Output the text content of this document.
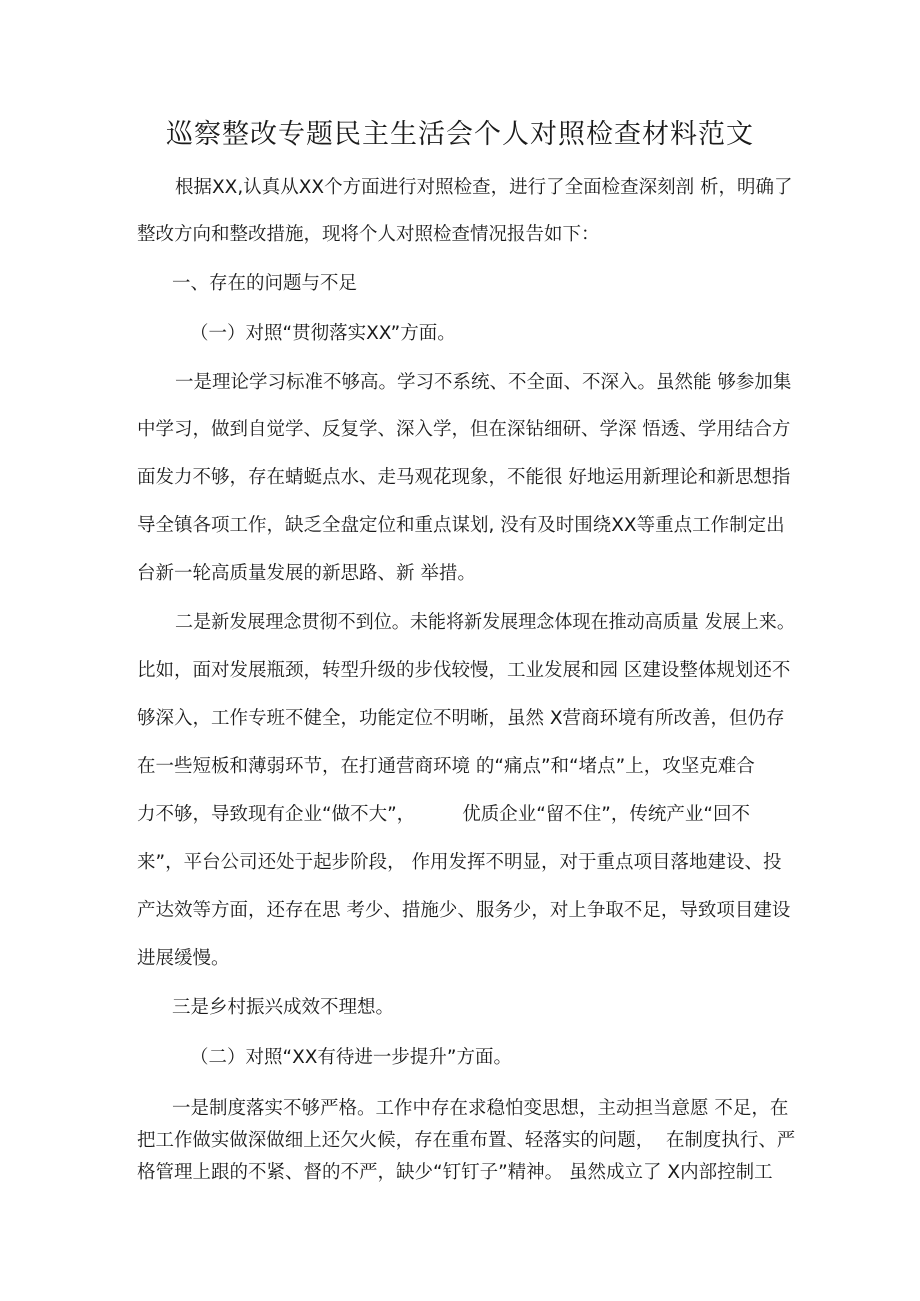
巡察整改专题民主生活会个人对照检查材料范文
根据XX,认真从XX个方面进行对照检查，进行了全面检查深刻剖 析，明确了
整改方向和整改措施，现将个人对照检查情况报告如下：
一、存在的问题与不足
（一）对照“贯彻落实XX”方面。
一是理论学习标准不够高。学习不系统、不全面、不深入。虽然能 够参加集
中学习，做到自觉学、反复学、深入学，但在深钻细研、学深 悟透、学用结合方
面发力不够，存在蜻蜓点水、走马观花现象，不能很 好地运用新理论和新思想指
导全镇各项工作，缺乏全盘定位和重点谋划, 没有及时围绕XX等重点工作制定出
台新一轮高质量发展的新思路、新 举措。
二是新发展理念贯彻不到位。未能将新发展理念体现在推动高质量 发展上来。
比如，面对发展瓶颈，转型升级的步伐较慢，工业发展和园 区建设整体规划还不
够深入，工作专班不健全，功能定位不明晰，虽然 X营商环境有所改善，但仍存
在一些短板和薄弱环节，在打通营商环境 的“痛点”和“堵点”上，攻坚克难合
力不够，导致现有企业“做不大”，        优质企业“留不住”，传统产业“回不
来”，平台公司还处于起步阶段， 作用发挥不明显，对于重点项目落地建设、投
产达效等方面，还存在思 考少、措施少、服务少，对上争取不足，导致项目建设
进展缓慢。
三是乡村振兴成效不理想。
（二）对照“XX有待进一步提升”方面。
一是制度落实不够严格。工作中存在求稳怕变思想，主动担当意愿 不足，在
把工作做实做深做细上还欠火候，存在重布置、轻落实的问题，  在制度执行、严
格管理上跟的不紧、督的不严，缺少“钉钉子”精神。 虽然成立了 X内部控制工
